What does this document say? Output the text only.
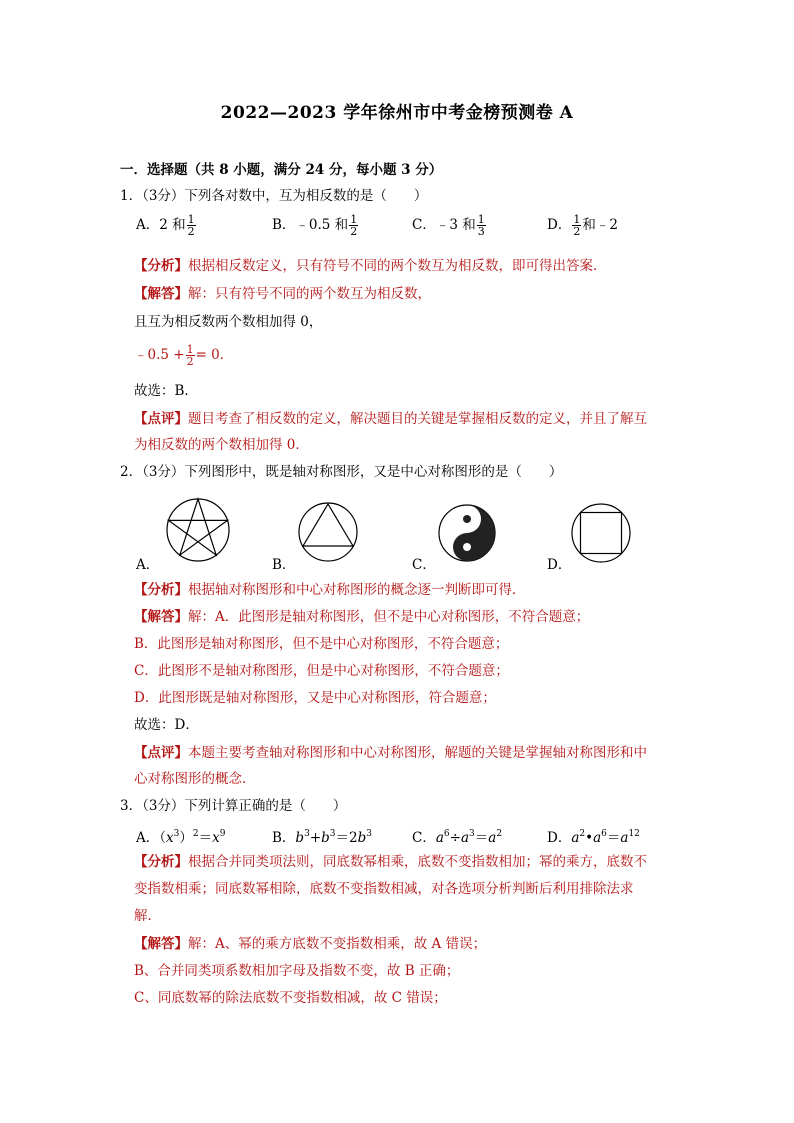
2022—2023 学年徐州市中考金榜预测卷 A
一．选择题（共 8 小题，满分 24 分，每小题 3 分）
1．（3分）下列各对数中，互为相反数的是（　　）
A．2 和 $\frac{1}{2}$	B．﹣0.5 和 $\frac{1}{2}$	C．﹣3 和 $\frac{1}{3}$	D． $\frac{1}{2}$ 和﹣2
【分析】根据相反数定义，只有符号不同的两个数互为相反数，即可得出答案．
【解答】解：只有符号不同的两个数互为相反数，
且互为相反数两个数相加得 0，
﹣0.5 + $\frac{1}{2} = 0$．
故选：B．
【点评】题目考查了相反数的定义，解决题目的关键是掌握相反数的定义，并且了解互
为相反数的两个数相加得 0．
2．（3分）下列图形中，既是轴对称图形，又是中心对称图形的是（　　）
A．	B．	C．	D．
【分析】根据轴对称图形和中心对称图形的概念逐一判断即可得．
【解答】解：A．此图形是轴对称图形，但不是中心对称图形，不符合题意；
B．此图形是轴对称图形，但不是中心对称图形，不符合题意；
C．此图形不是轴对称图形，但是中心对称图形，不符合题意；
D．此图形既是轴对称图形，又是中心对称图形，符合题意；
故选：D．
【点评】本题主要考查轴对称图形和中心对称图形，解题的关键是掌握轴对称图形和中
心对称图形的概念．
3．（3分）下列计算正确的是（　　）
A．$(x^3)^2=x^9$	B．$b^3+b^3=2b^3$	C．$a^6\div a^3=a^2$	D．$a^2•a^6=a^{12}$
【分析】根据合并同类项法则，同底数幂相乘，底数不变指数相加；幂的乘方，底数不
变指数相乘；同底数幂相除，底数不变指数相减，对各选项分析判断后利用排除法求
解．
【解答】解：A、幂的乘方底数不变指数相乘，故 A 错误；
B、合并同类项系数相加字母及指数不变，故 B 正确；
C、同底数幂的除法底数不变指数相减，故 C 错误；
